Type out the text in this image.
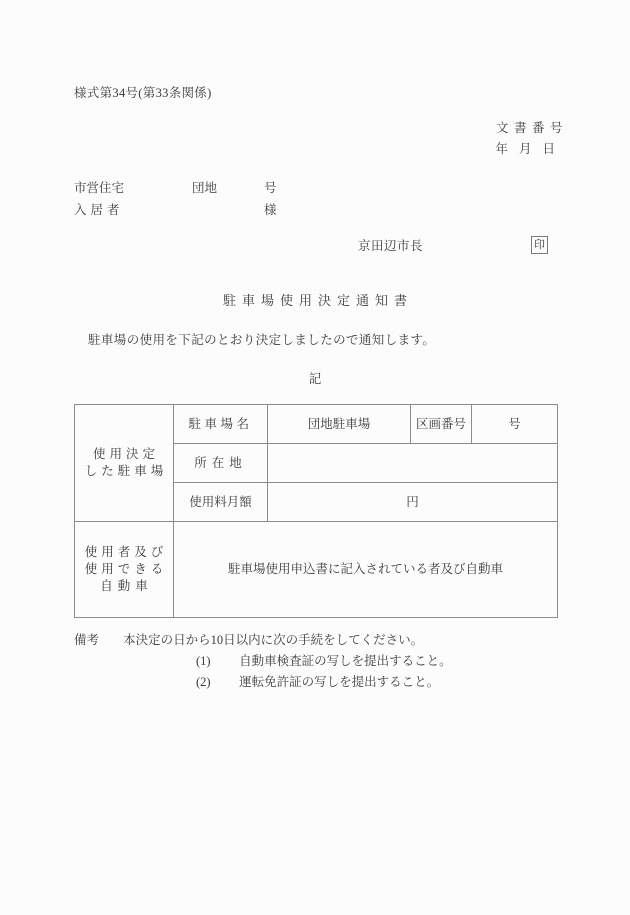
様式第34号(第33条関係)
文書番号
年月日
市営住宅	団地	号
入居者	様
京田辺市長	印
駐車場使用決定通知書
駐車場の使用を下記のとおり決定しましたので通知します。
記
使用決定
した駐車場	駐車場名	団地駐車場	区画番号	号
	所在地			
	使用料月額	円		

使用者及び
使用できる
自動車	駐車場使用申込書に記入されている者及び自動車			
備考 本決定の日から10日以内に次の手続をしてください。
(1) 自動車検査証の写しを提出すること。
(2) 運転免許証の写しを提出すること。
